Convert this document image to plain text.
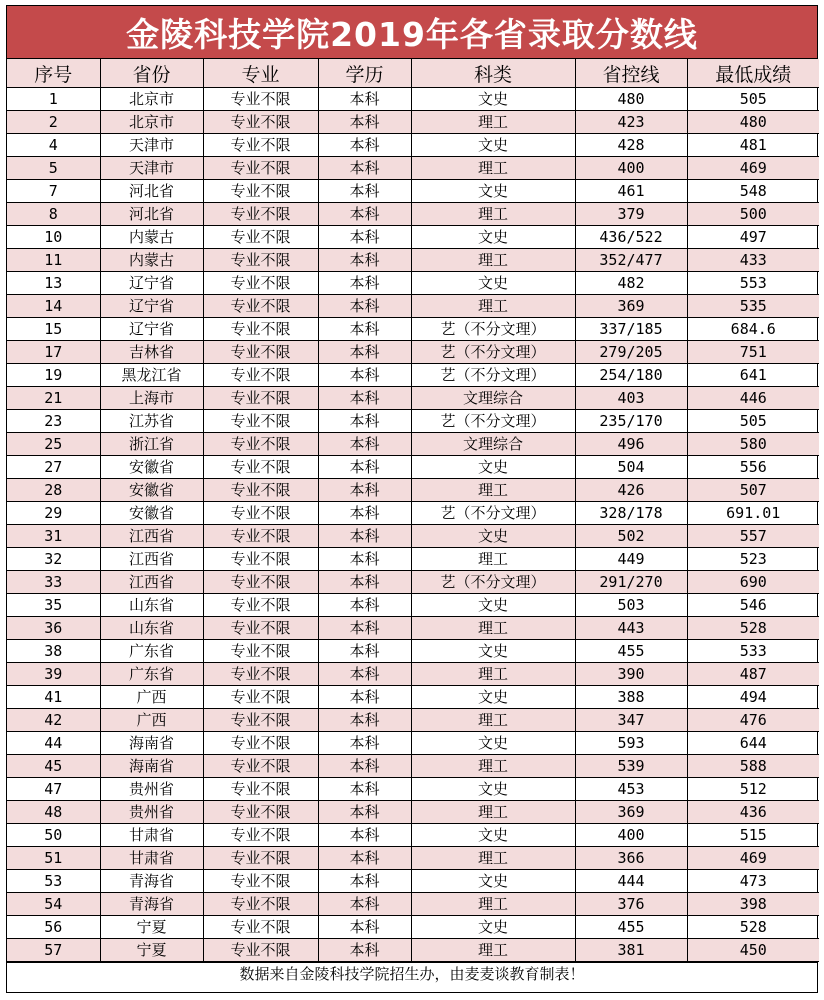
金陵科技学院2019年各省录取分数线
序号	省份	专业	学历	科类	省控线	最低成绩
1	北京市	专业不限	本科	文史	480	505
2	北京市	专业不限	本科	理工	423	480
4	天津市	专业不限	本科	文史	428	481
5	天津市	专业不限	本科	理工	400	469
7	河北省	专业不限	本科	文史	461	548
8	河北省	专业不限	本科	理工	379	500
10	内蒙古	专业不限	本科	文史	436/522	497
11	内蒙古	专业不限	本科	理工	352/477	433
13	辽宁省	专业不限	本科	文史	482	553
14	辽宁省	专业不限	本科	理工	369	535
15	辽宁省	专业不限	本科	艺（不分文理）	337/185	684.6
17	吉林省	专业不限	本科	艺（不分文理）	279/205	751
19	黑龙江省	专业不限	本科	艺（不分文理）	254/180	641
21	上海市	专业不限	本科	文理综合	403	446
23	江苏省	专业不限	本科	艺（不分文理）	235/170	505
25	浙江省	专业不限	本科	文理综合	496	580
27	安徽省	专业不限	本科	文史	504	556
28	安徽省	专业不限	本科	理工	426	507
29	安徽省	专业不限	本科	艺（不分文理）	328/178	691.01
31	江西省	专业不限	本科	文史	502	557
32	江西省	专业不限	本科	理工	449	523
33	江西省	专业不限	本科	艺（不分文理）	291/270	690
35	山东省	专业不限	本科	文史	503	546
36	山东省	专业不限	本科	理工	443	528
38	广东省	专业不限	本科	文史	455	533
39	广东省	专业不限	本科	理工	390	487
41	广西	专业不限	本科	文史	388	494
42	广西	专业不限	本科	理工	347	476
44	海南省	专业不限	本科	文史	593	644
45	海南省	专业不限	本科	理工	539	588
47	贵州省	专业不限	本科	文史	453	512
48	贵州省	专业不限	本科	理工	369	436
50	甘肃省	专业不限	本科	文史	400	515
51	甘肃省	专业不限	本科	理工	366	469
53	青海省	专业不限	本科	文史	444	473
54	青海省	专业不限	本科	理工	376	398
56	宁夏	专业不限	本科	文史	455	528
57	宁夏	专业不限	本科	理工	381	450
数据来自金陵科技学院招生办，由麦麦谈教育制表！
